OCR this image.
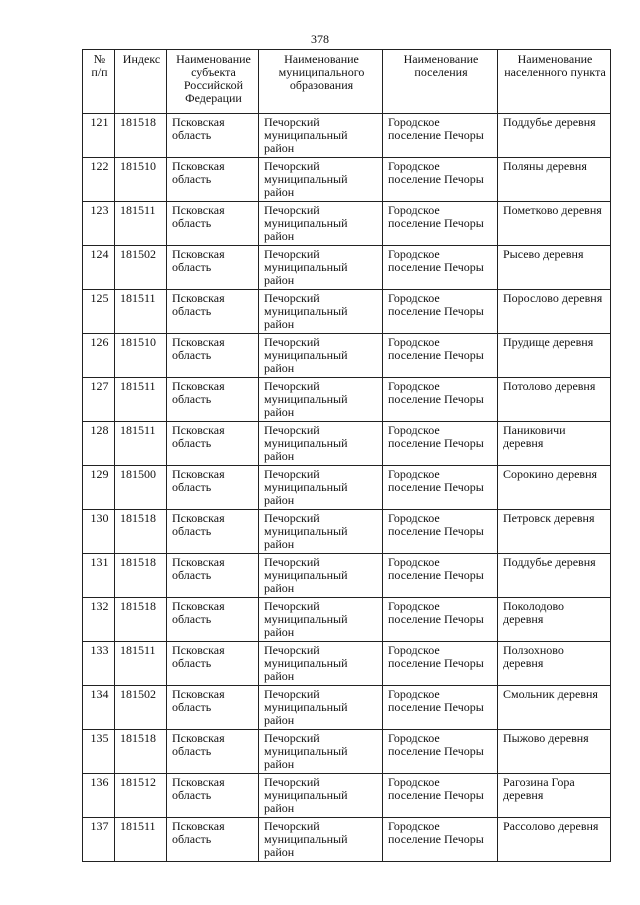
378
№
п/п	Индекс	Наименование субъекта Российской Федерации	Наименование муниципального образования	Наименование поселения	Наименование населенного пункта
121	181518	Псковская область	Печорский муниципальный район	Городское поселение Печоры	Поддубье деревня
122	181510	Псковская область	Печорский муниципальный район	Городское поселение Печоры	Поляны деревня
123	181511	Псковская область	Печорский муниципальный район	Городское поселение Печоры	Пометково деревня
124	181502	Псковская область	Печорский муниципальный район	Городское поселение Печоры	Рысево деревня
125	181511	Псковская область	Печорский муниципальный район	Городское поселение Печоры	Порослово деревня
126	181510	Псковская область	Печорский муниципальный район	Городское поселение Печоры	Прудище деревня
127	181511	Псковская область	Печорский муниципальный район	Городское поселение Печоры	Потолово деревня
128	181511	Псковская область	Печорский муниципальный район	Городское поселение Печоры	Паниковичи деревня
129	181500	Псковская область	Печорский муниципальный район	Городское поселение Печоры	Сорокино деревня
130	181518	Псковская область	Печорский муниципальный район	Городское поселение Печоры	Петровск деревня
131	181518	Псковская область	Печорский муниципальный район	Городское поселение Печоры	Поддубье деревня
132	181518	Псковская область	Печорский муниципальный район	Городское поселение Печоры	Поколодово деревня
133	181511	Псковская область	Печорский муниципальный район	Городское поселение Печоры	Ползохново деревня
134	181502	Псковская область	Печорский муниципальный район	Городское поселение Печоры	Смольник деревня
135	181518	Псковская область	Печорский муниципальный район	Городское поселение Печоры	Пыжово деревня
136	181512	Псковская область	Печорский муниципальный район	Городское поселение Печоры	Рагозина Гора деревня
137	181511	Псковская область	Печорский муниципальный район	Городское поселение Печоры	Рассолово деревня
